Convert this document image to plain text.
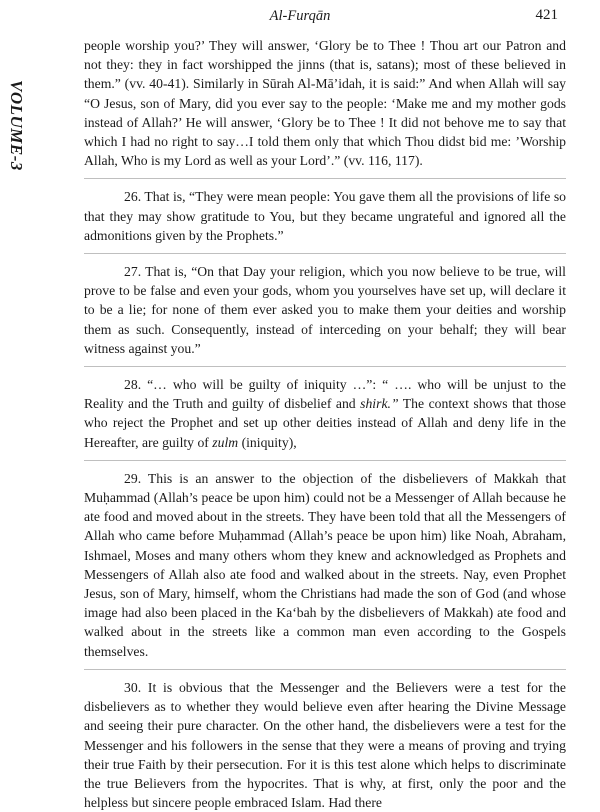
Al-Furqān	421
VOLUME-3

people worship you?’ They will answer, ‘Glory be to Thee ! Thou art our Patron and not they: they in fact worshipped the jinns (that is, satans); most of these believed in them.” (vv. 40-41). Similarly in Sūrah Al-Mā’idah, it is said:” And when Allah will say “O Jesus, son of Mary, did you ever say to the people: ‘Make me and my mother gods instead of Allah?’ He will answer, ‘Glory be to Thee ! It did not behove me to say that which I had no right to say…I told them only that which Thou didst bid me: ’Worship Allah, Who is my Lord as well as your Lord’.” (vv. 116, 117).

26. That is, “They were mean people: You gave them all the provisions of life so that they may show gratitude to You, but they became ungrateful and ignored all the admonitions given by the Prophets.”

27. That is, “On that Day your religion, which you now believe to be true, will prove to be false and even your gods, whom you yourselves have set up, will declare it to be a lie; for none of them ever asked you to make them your deities and worship them as such. Consequently, instead of interceding on your behalf; they will bear witness against you.”

28. “… who will be guilty of iniquity …”: “ …. who will be unjust to the Reality and the Truth and guilty of disbelief and shirk.” The context shows that those who reject the Prophet and set up other deities instead of Allah and deny life in the Hereafter, are guilty of zulm (iniquity),

29. This is an answer to the objection of the disbelievers of Makkah that Muḥammad (Allah’s peace be upon him) could not be a Messenger of Allah because he ate food and moved about in the streets. They have been told that all the Messengers of Allah who came before Muḥammad (Allah’s peace be upon him) like Noah, Abraham, Ishmael, Moses and many others whom they knew and acknowledged as Prophets and Messengers of Allah also ate food and walked about in the streets. Nay, even Prophet Jesus, son of Mary, himself, whom the Christians had made the son of God (and whose image had also been placed in the Ka‘bah by the disbelievers of Makkah) ate food and walked about in the streets like a common man even according to the Gospels themselves.

30. It is obvious that the Messenger and the Believers were a test for the disbelievers as to whether they would believe even after hearing the Divine Message and seeing their pure character. On the other hand, the disbelievers were a test for the Messenger and his followers in the sense that they were a means of proving and trying their true Faith by their persecution. For it is this test alone which helps to discriminate the true Believers from the hypocrites. That is why, at first, only the poor and the helpless but sincere people embraced Islam. Had there
